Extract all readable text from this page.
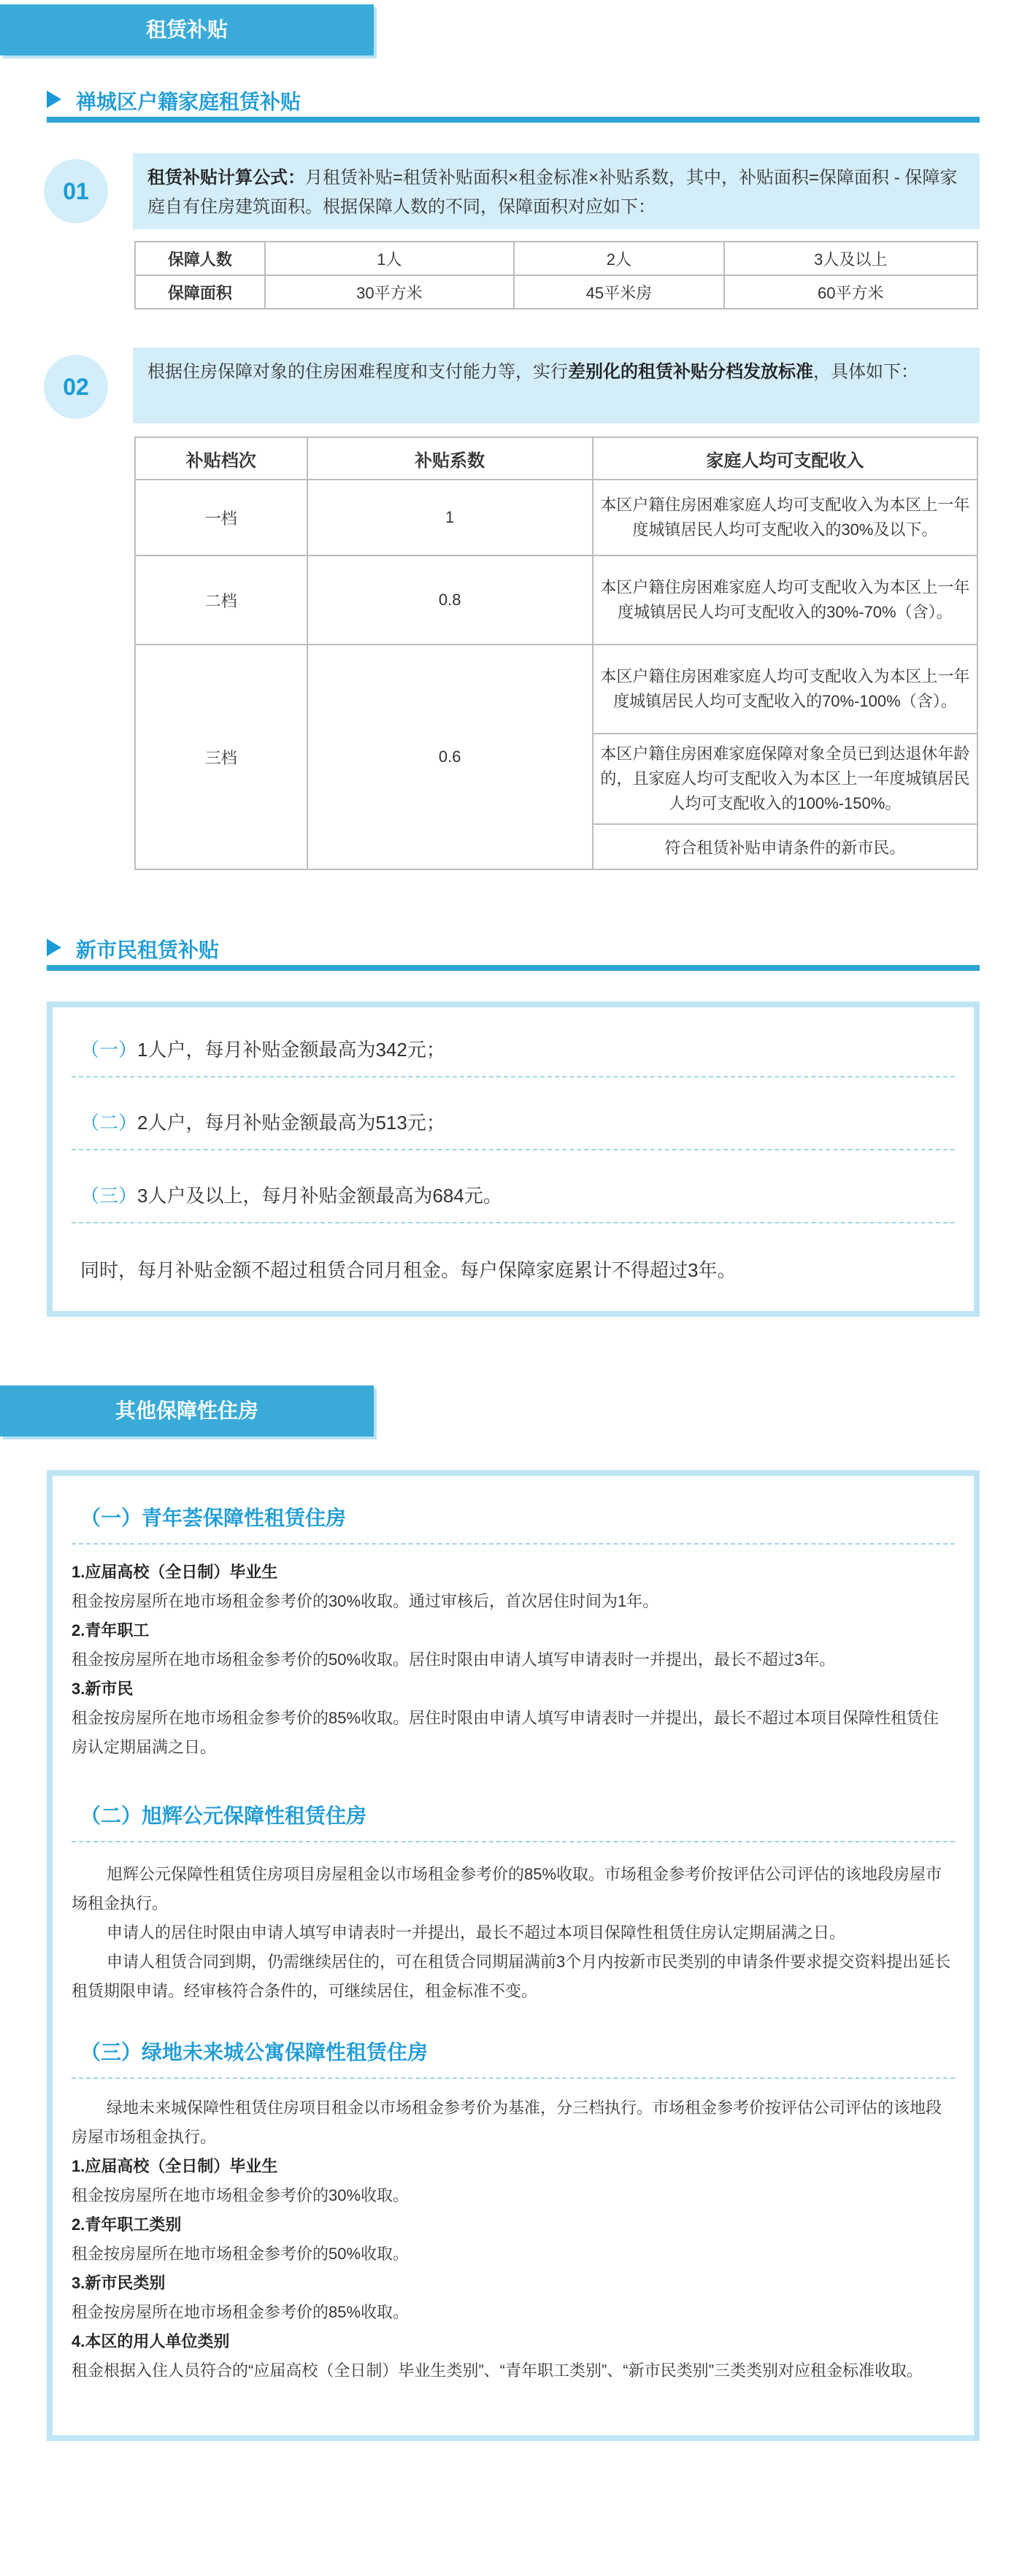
租赁补贴
禅城区户籍家庭租赁补贴
01
租赁补贴计算公式：月租赁补贴=租赁补贴面积×租金标准×补贴系数，其中，补贴面积=保障面积 - 保障家庭自有住房建筑面积。根据保障人数的不同，保障面积对应如下：
保障人数	1人	2人	3人及以上
保障面积	30平方米	45平米房	60平方米
02
根据住房保障对象的住房困难程度和支付能力等，实行差别化的租赁补贴分档发放标准，具体如下：
补贴档次	补贴系数	家庭人均可支配收入
一档	1	本区户籍住房困难家庭人均可支配收入为本区上一年度城镇居民人均可支配收入的30%及以下。
二档	0.8	本区户籍住房困难家庭人均可支配收入为本区上一年度城镇居民人均可支配收入的30%-70%（含）。
三档	0.6	本区户籍住房困难家庭人均可支配收入为本区上一年度城镇居民人均可支配收入的70%-100%（含）。
		本区户籍住房困难家庭保障对象全员已到达退休年龄的，且家庭人均可支配收入为本区上一年度城镇居民人均可支配收入的100%-150%。
		符合租赁补贴申请条件的新市民。
新市民租赁补贴
（一）1人户，每月补贴金额最高为342元；
（二）2人户，每月补贴金额最高为513元；
（三）3人户及以上，每月补贴金额最高为684元。
同时，每月补贴金额不超过租赁合同月租金。每户保障家庭累计不得超过3年。
其他保障性住房
（一）青年荟保障性租赁住房
1.应届高校（全日制）毕业生
租金按房屋所在地市场租金参考价的30%收取。通过审核后，首次居住时间为1年。
2.青年职工
租金按房屋所在地市场租金参考价的50%收取。居住时限由申请人填写申请表时一并提出，最长不超过3年。
3.新市民
租金按房屋所在地市场租金参考价的85%收取。居住时限由申请人填写申请表时一并提出，最长不超过本项目保障性租赁住房认定期届满之日。
（二）旭辉公元保障性租赁住房
旭辉公元保障性租赁住房项目房屋租金以市场租金参考价的85%收取。市场租金参考价按评估公司评估的该地段房屋市场租金执行。
申请人的居住时限由申请人填写申请表时一并提出，最长不超过本项目保障性租赁住房认定期届满之日。
申请人租赁合同到期，仍需继续居住的，可在租赁合同期届满前3个月内按新市民类别的申请条件要求提交资料提出延长租赁期限申请。经审核符合条件的，可继续居住，租金标准不变。
（三）绿地未来城公寓保障性租赁住房
绿地未来城保障性租赁住房项目租金以市场租金参考价为基准，分三档执行。市场租金参考价按评估公司评估的该地段房屋市场租金执行。
1.应届高校（全日制）毕业生
租金按房屋所在地市场租金参考价的30%收取。
2.青年职工类别
租金按房屋所在地市场租金参考价的50%收取。
3.新市民类别
租金按房屋所在地市场租金参考价的85%收取。
4.本区的用人单位类别
租金根据入住人员符合的“应届高校（全日制）毕业生类别”、“青年职工类别”、“新市民类别”三类类别对应租金标准收取。
